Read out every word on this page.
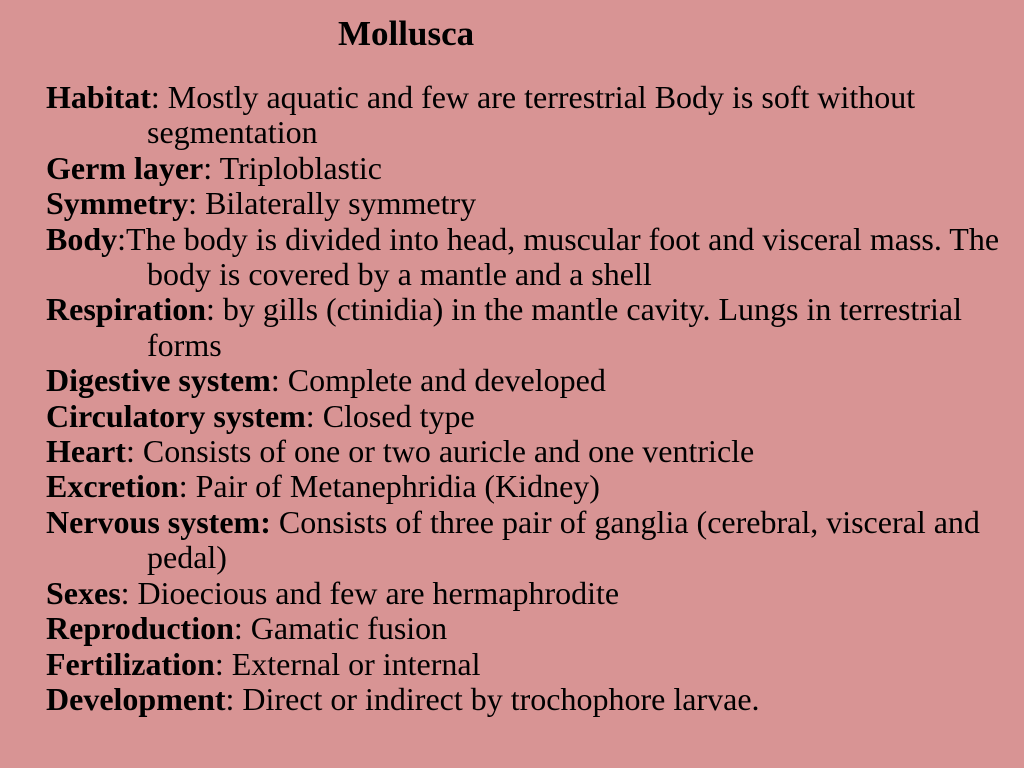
Mollusca
Habitat: Mostly aquatic and few are terrestrial Body is soft without segmentation
Germ layer: Triploblastic
Symmetry: Bilaterally symmetry
Body:The body is divided into head, muscular foot and visceral mass. The body is covered by a mantle and a shell
Respiration: by gills (ctinidia) in the mantle cavity. Lungs in terrestrial forms
Digestive system: Complete and developed
Circulatory system: Closed type
Heart: Consists of one or two auricle and one ventricle
Excretion: Pair of Metanephridia (Kidney)
Nervous system: Consists of three pair of ganglia (cerebral, visceral and pedal)
Sexes: Dioecious and few are hermaphrodite
Reproduction: Gamatic fusion
Fertilization: External or internal
Development: Direct or indirect by trochophore larvae.
